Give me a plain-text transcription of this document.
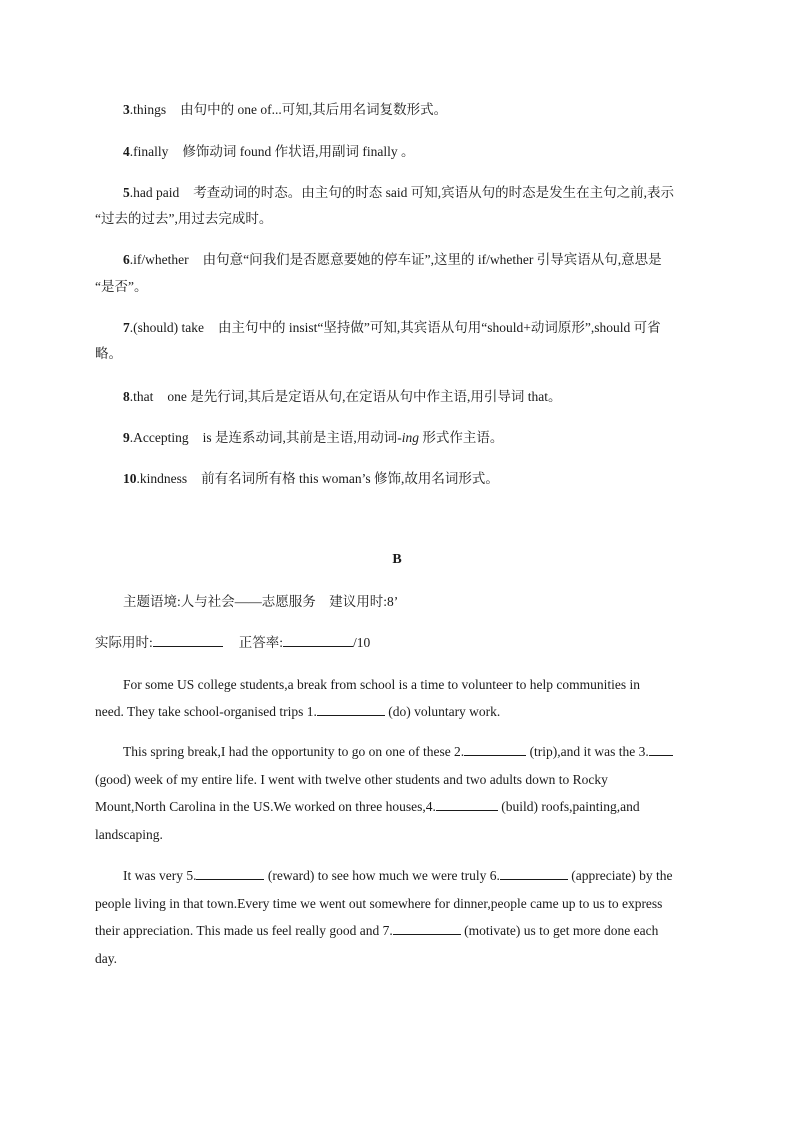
3.things 由句中的 one of...可知,其后用名词复数形式。
4.finally 修饰动词 found 作状语,用副词 finally 。
5.had paid 考查动词的时态。由主句的时态 said 可知,宾语从句的时态是发生在主句之前,表示
“过去的过去”,用过去完成时。
6.if/whether 由句意“问我们是否愿意要她的停车证”,这里的 if/whether 引导宾语从句,意思是
“是否”。
7.(should) take 由主句中的 insist“坚持做”可知,其宾语从句用“should+动词原形”,should 可省
略。
8.that one 是先行词,其后是定语从句,在定语从句中作主语,用引导词 that。
9.Accepting is 是连系动词,其前是主语,用动词-ing 形式作主语。
10.kindness 前有名词所有格 this woman’s 修饰,故用名词形式。
B
主题语境:人与社会——志愿服务　建议用时:8’
实际用时:	正答率:	/10
For some US college students,a break from school is a time to volunteer to help communities in
need. They take school-organised trips 1.	(do) voluntary work.
This spring break,I had the opportunity to go on one of these 2.	(trip),and it was the 3.
(good) week of my entire life. I went with twelve other students and two adults down to Rocky
Mount,North Carolina in the US.We worked on three houses,4.	(build) roofs,painting,and
landscaping.
It was very 5.	(reward) to see how much we were truly 6.	(appreciate) by the
people living in that town.Every time we went out somewhere for dinner,people came up to us to express
their appreciation. This made us feel really good and 7.	(motivate) us to get more done each
day.
